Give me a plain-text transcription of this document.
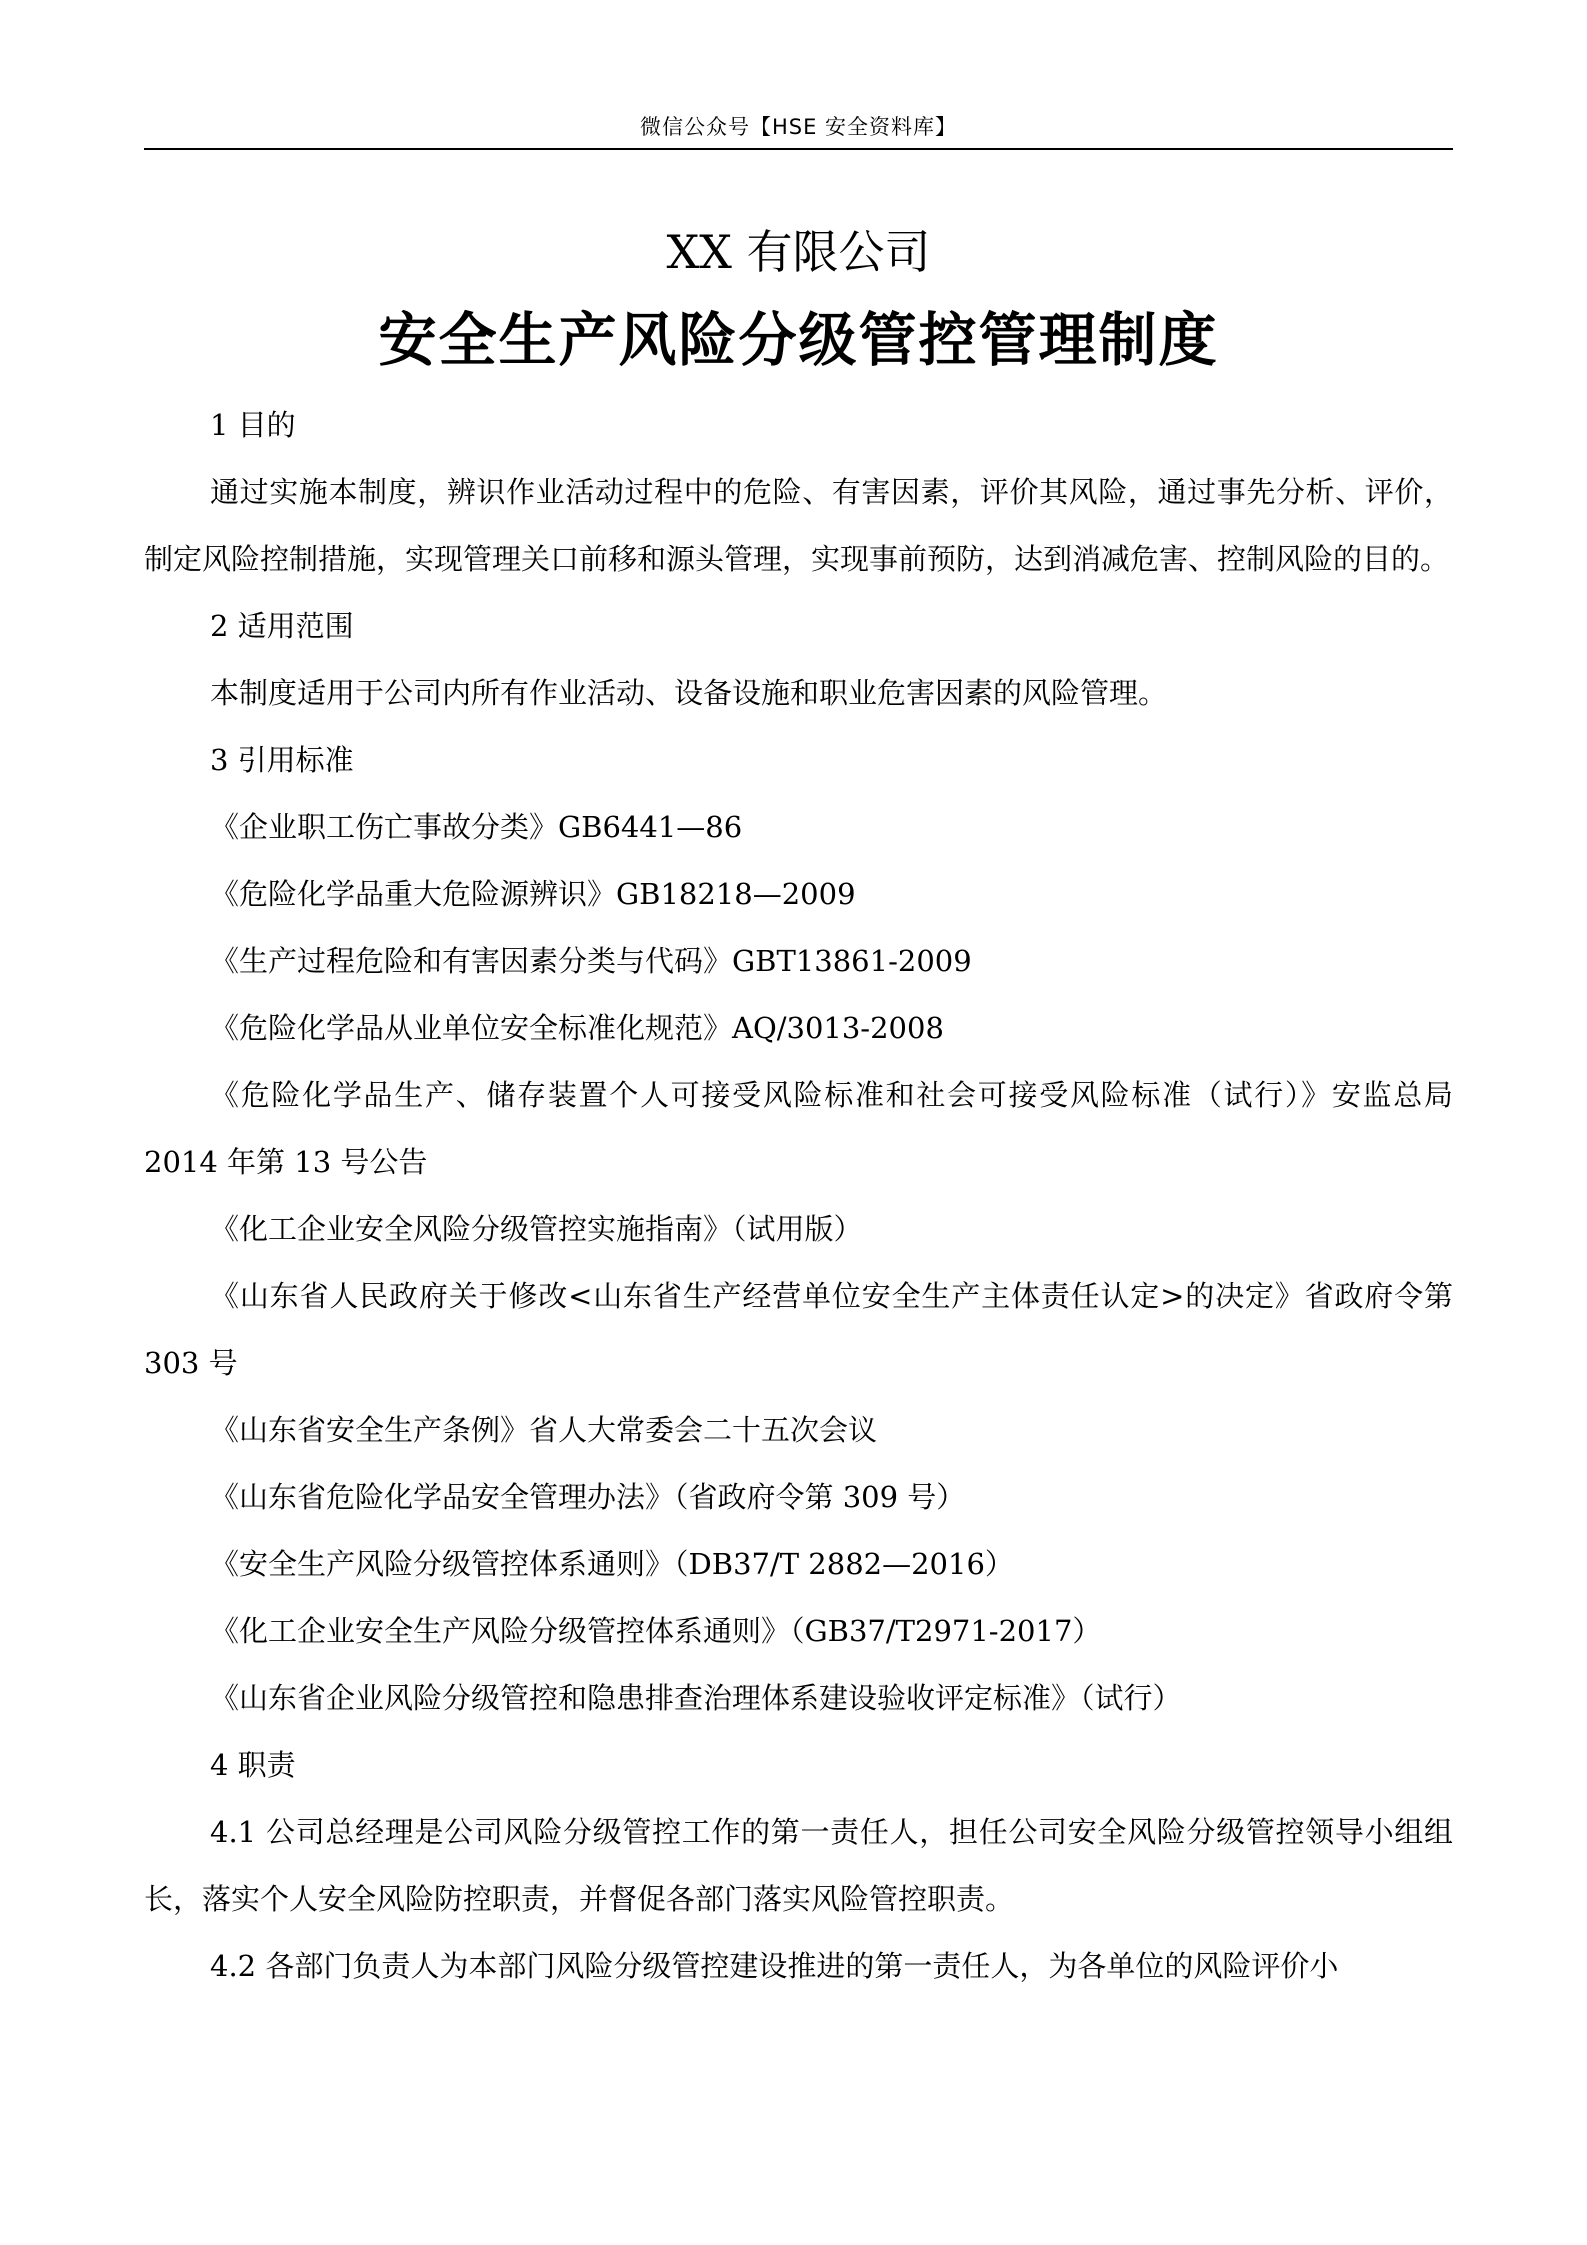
微信公众号【HSE 安全资料库】
XX 有限公司
安全生产风险分级管控管理制度

1 目的

通过实施本制度，辨识作业活动过程中的危险、有害因素，评价其风险，通过事先分析、评价，制定风险控制措施，实现管理关口前移和源头管理，实现事前预防，达到消减危害、控制风险的目的。

2 适用范围

本制度适用于公司内所有作业活动、设备设施和职业危害因素的风险管理。

3 引用标准

《企业职工伤亡事故分类》GB6441—86

《危险化学品重大危险源辨识》GB18218—2009

《生产过程危险和有害因素分类与代码》GBT13861-2009

《危险化学品从业单位安全标准化规范》AQ/3013-2008

《危险化学品生产、储存装置个人可接受风险标准和社会可接受风险标准（试行）》安监总局 2014 年第 13 号公告

《化工企业安全风险分级管控实施指南》（试用版）

《山东省人民政府关于修改<山东省生产经营单位安全生产主体责任认定>的决定》省政府令第 303 号

《山东省安全生产条例》省人大常委会二十五次会议

《山东省危险化学品安全管理办法》（省政府令第 309 号）

《安全生产风险分级管控体系通则》（DB37/T 2882—2016）

《化工企业安全生产风险分级管控体系通则》（GB37/T2971-2017）

《山东省企业风险分级管控和隐患排查治理体系建设验收评定标准》（试行）

4 职责

4.1 公司总经理是公司风险分级管控工作的第一责任人，担任公司安全风险分级管控领导小组组长，落实个人安全风险防控职责，并督促各部门落实风险管控职责。

4.2 各部门负责人为本部门风险分级管控建设推进的第一责任人，为各单位的风险评价小
